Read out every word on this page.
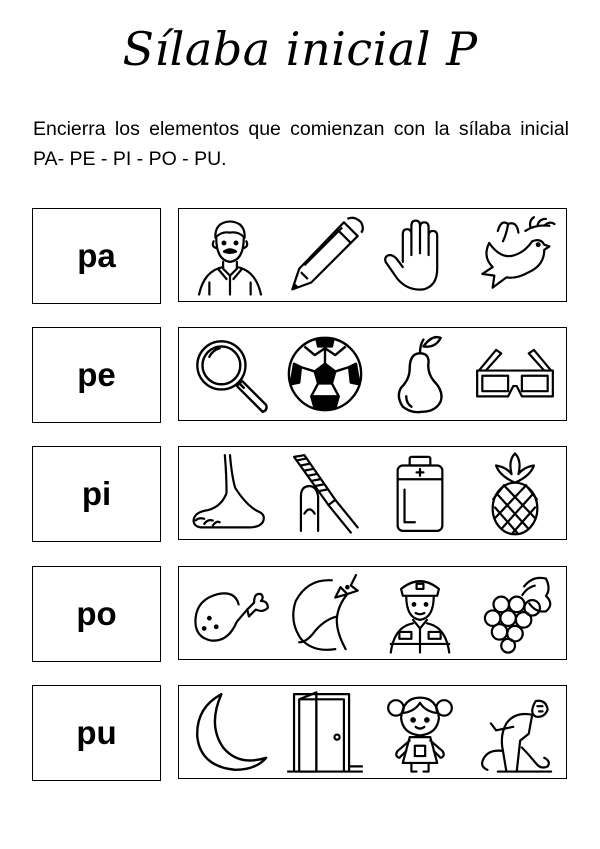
Sílaba inicial P
Encierra los elementos que comienzan con la sílaba inicial PA- PE - PI - PO - PU.
pa
pe
pi
po
pu
